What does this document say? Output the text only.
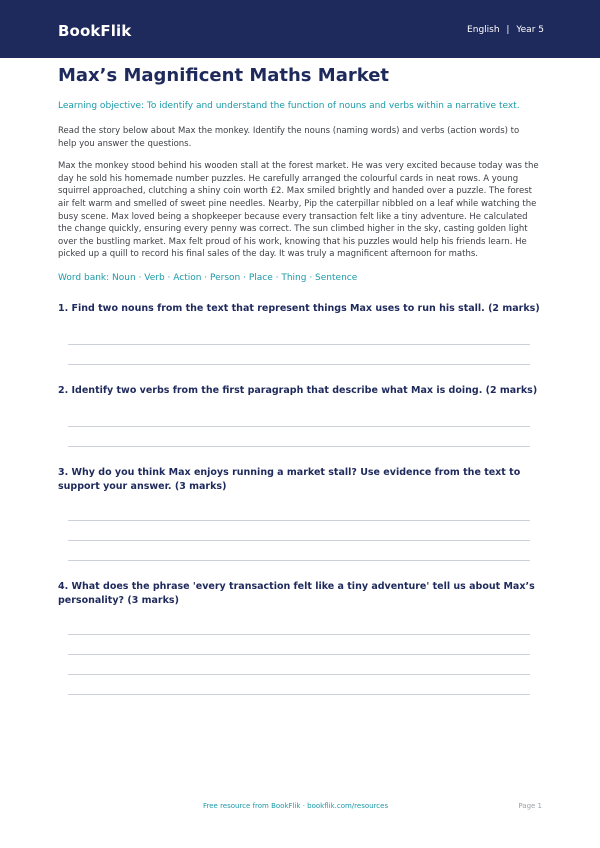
BookFlik	English | Year 5
Max’s Magnificent Maths Market
Learning objective: To identify and understand the function of nouns and verbs within a narrative text.
Read the story below about Max the monkey. Identify the nouns (naming words) and verbs (action words) to help you answer the questions.
Max the monkey stood behind his wooden stall at the forest market. He was very excited because today was the day he sold his homemade number puzzles. He carefully arranged the colourful cards in neat rows. A young squirrel approached, clutching a shiny coin worth £2. Max smiled brightly and handed over a puzzle. The forest air felt warm and smelled of sweet pine needles. Nearby, Pip the caterpillar nibbled on a leaf while watching the busy scene. Max loved being a shopkeeper because every transaction felt like a tiny adventure. He calculated the change quickly, ensuring every penny was correct. The sun climbed higher in the sky, casting golden light over the bustling market. Max felt proud of his work, knowing that his puzzles would help his friends learn. He picked up a quill to record his final sales of the day. It was truly a magnificent afternoon for maths.
Word bank: Noun · Verb · Action · Person · Place · Thing · Sentence
1. Find two nouns from the text that represent things Max uses to run his stall. (2 marks)
2. Identify two verbs from the first paragraph that describe what Max is doing. (2 marks)
3. Why do you think Max enjoys running a market stall? Use evidence from the text to support your answer. (3 marks)
4. What does the phrase 'every transaction felt like a tiny adventure' tell us about Max’s personality? (3 marks)
Free resource from BookFlik · bookflik.com/resources	Page 1
